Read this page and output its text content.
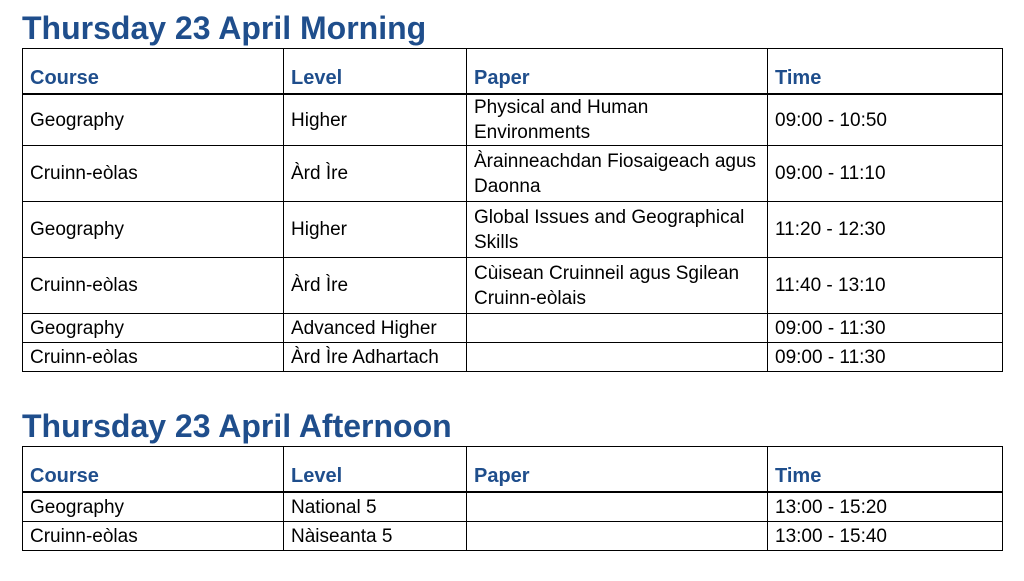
Thursday 23 April Morning
Course	Level	Paper	Time
Geography	Higher	Physical and Human Environments	09:00 - 10:50
Cruinn-eòlas	Àrd Ìre	Àrainneachdan Fiosaigeach agus Daonna	09:00 - 11:10
Geography	Higher	Global Issues and Geographical Skills	11:20 - 12:30
Cruinn-eòlas	Àrd Ìre	Cùisean Cruinneil agus Sgilean Cruinn-eòlais	11:40 - 13:10
Geography	Advanced Higher		09:00 - 11:30
Cruinn-eòlas	Àrd Ìre Adhartach		09:00 - 11:30
Thursday 23 April Afternoon
Course	Level	Paper	Time
Geography	National 5		13:00 - 15:20
Cruinn-eòlas	Nàiseanta 5		13:00 - 15:40
